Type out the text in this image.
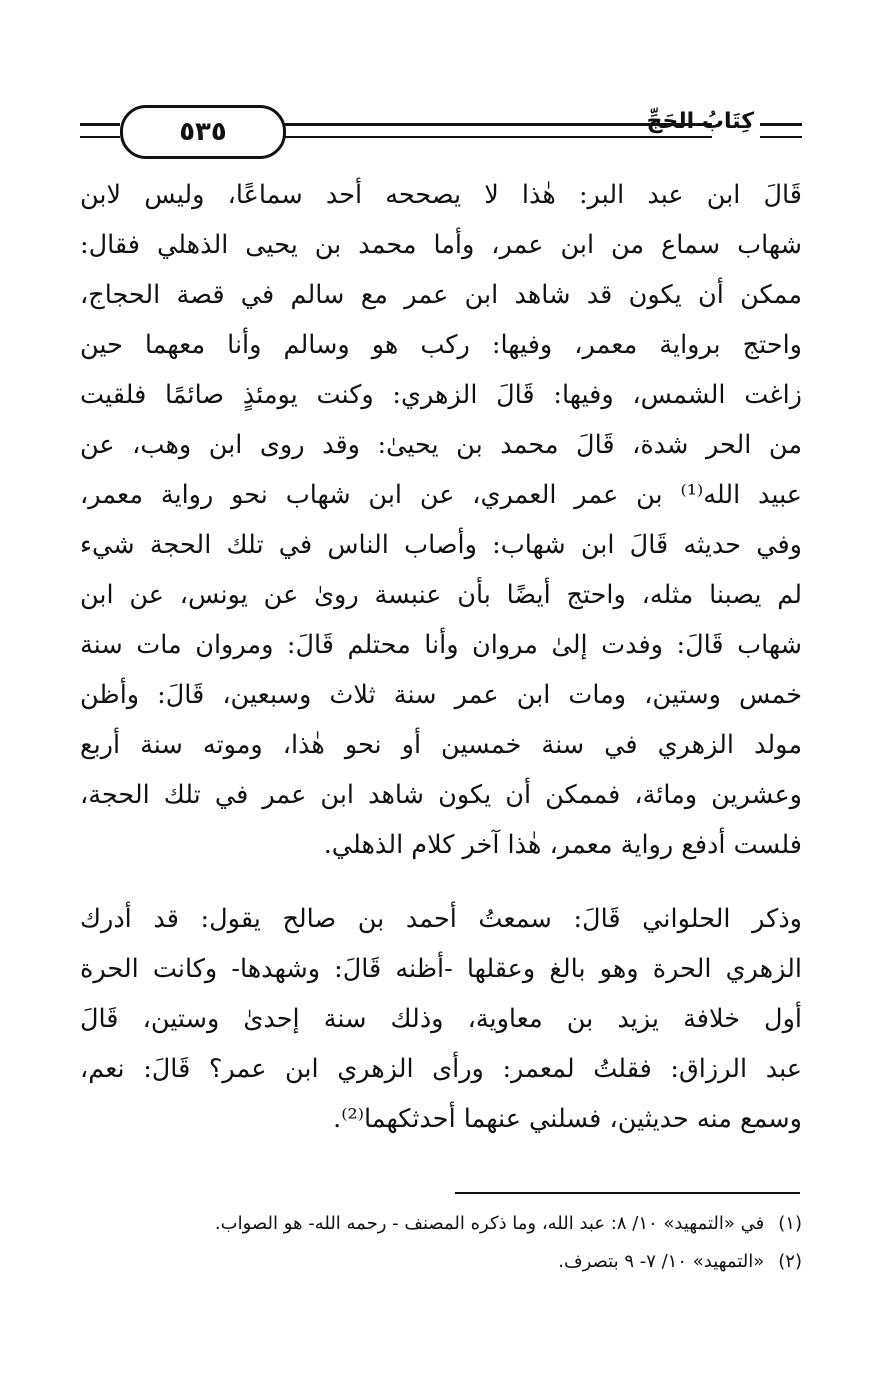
٥٣٥	كِتَابُ الحَجِّ
قَالَ ابن عبد البر: هٰذا لا يصححه أحد سماعًا، وليس لابن
شهاب سماع من ابن عمر، وأما محمد بن يحيى الذهلي فقال:
ممكن أن يكون قد شاهد ابن عمر مع سالم في قصة الحجاج،
واحتج برواية معمر، وفيها: ركب هو وسالم وأنا معهما حين
زاغت الشمس، وفيها: قَالَ الزهري: وكنت يومئذٍ صائمًا فلقيت
من الحر شدة، قَالَ محمد بن يحيىٰ: وقد روى ابن وهب، عن
عبيد الله⁽¹⁾ بن عمر العمري، عن ابن شهاب نحو رواية معمر،
وفي حديثه قَالَ ابن شهاب: وأصاب الناس في تلك الحجة شيء
لم يصبنا مثله، واحتج أيضًا بأن عنبسة روىٰ عن يونس، عن ابن
شهاب قَالَ: وفدت إلىٰ مروان وأنا محتلم قَالَ: ومروان مات سنة
خمس وستين، ومات ابن عمر سنة ثلاث وسبعين، قَالَ: وأظن
مولد الزهري في سنة خمسين أو نحو هٰذا، وموته سنة أربع
وعشرين ومائة، فممكن أن يكون شاهد ابن عمر في تلك الحجة،
فلست أدفع رواية معمر، هٰذا آخر كلام الذهلي.
وذكر الحلواني قَالَ: سمعتُ أحمد بن صالح يقول: قد أدرك
الزهري الحرة وهو بالغ وعقلها -أظنه قَالَ: وشهدها- وكانت الحرة
أول خلافة يزيد بن معاوية، وذلك سنة إحدىٰ وستين، قَالَ
عبد الرزاق: فقلتُ لمعمر: ورأى الزهري ابن عمر؟ قَالَ: نعم،
وسمع منه حديثين، فسلني عنهما أحدثكهما⁽²⁾.
(١)في «التمهيد» ١٠/ ٨: عبد الله، وما ذكره المصنف - رحمه الله- هو الصواب.
(٢)«التمهيد» ١٠/ ٧- ٩ بتصرف.
